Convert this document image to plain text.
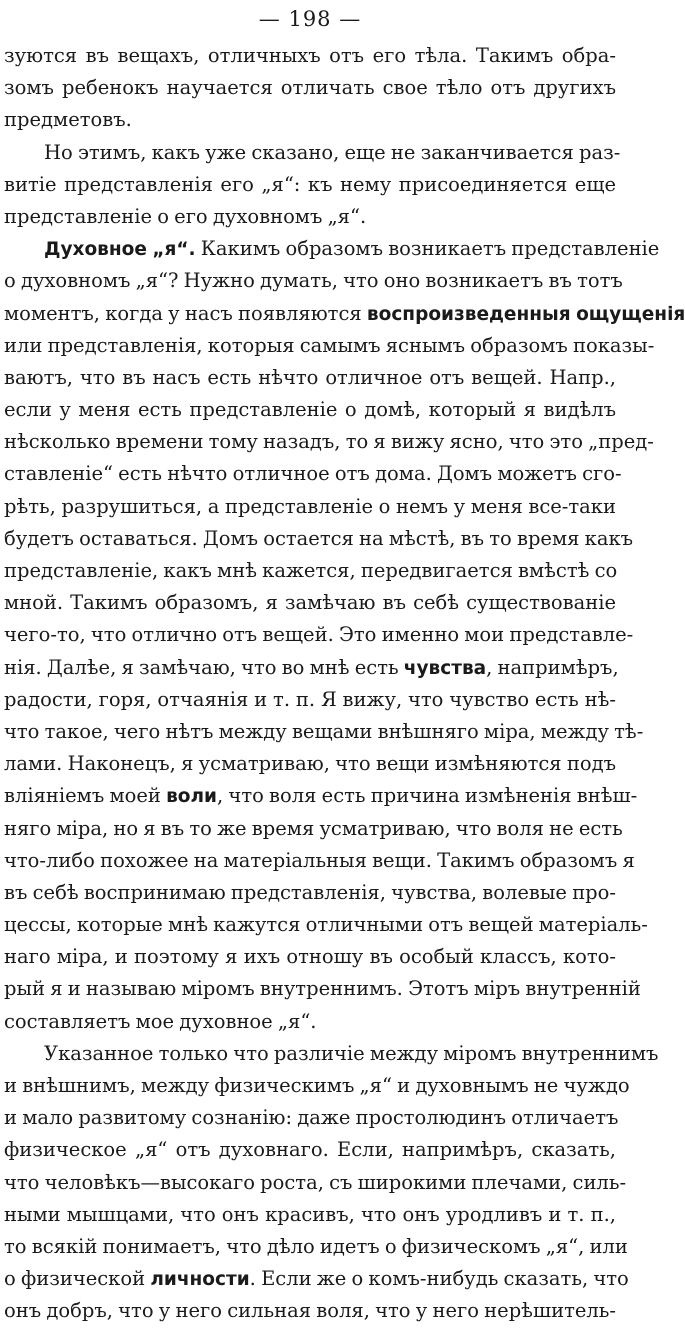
— 198 —
зуются въ вещахъ, отличныхъ отъ его тѣла. Такимъ обра-
зомъ ребенокъ научается отличать свое тѣло отъ другихъ
предметовъ.
Но этимъ, какъ уже сказано, еще не заканчивается раз-
витіе представленія его „я“: къ нему присоединяется еще
представленіе о его духовномъ „я“.
Духовное „я“. Какимъ образомъ возникаетъ представленіе
о духовномъ „я“? Нужно думать, что оно возникаетъ въ тотъ
моментъ, когда у насъ появляются воспроизведенныя ощущенія
или представленія, которыя самымъ яснымъ образомъ показы-
ваютъ, что въ насъ есть нѣчто отличное отъ вещей. Напр.,
если у меня есть представленіе о домѣ, который я видѣлъ
нѣсколько времени тому назадъ, то я вижу ясно, что это „пред-
ставленіе“ есть нѣчто отличное отъ дома. Домъ можетъ сго-
рѣть, разрушиться, а представленіе о немъ у меня все-таки
будетъ оставаться. Домъ остается на мѣстѣ, въ то время какъ
представленіе, какъ мнѣ кажется, передвигается вмѣстѣ со
мной. Такимъ образомъ, я замѣчаю въ себѣ существованіе
чего-то, что отлично отъ вещей. Это именно мои представле-
нія. Далѣе, я замѣчаю, что во мнѣ есть чувства, напримѣръ,
радости, горя, отчаянія и т. п. Я вижу, что чувство есть нѣ-
что такое, чего нѣтъ между вещами внѣшняго міра, между тѣ-
лами. Наконецъ, я усматриваю, что вещи измѣняются подъ
вліяніемъ моей воли, что воля есть причина измѣненія внѣш-
няго міра, но я въ то же время усматриваю, что воля не есть
что-либо похожее на матеріальныя вещи. Такимъ образомъ я
въ себѣ воспринимаю представленія, чувства, волевые про-
цессы, которые мнѣ кажутся отличными отъ вещей матеріаль-
наго міра, и поэтому я ихъ отношу въ особый классъ, кото-
рый я и называю міромъ внутреннимъ. Этотъ міръ внутренній
составляетъ мое духовное „я“.
Указанное только что различіе между міромъ внутреннимъ
и внѣшнимъ, между физическимъ „я“ и духовнымъ не чуждо
и мало развитому сознанію: даже простолюдинъ отличаетъ
физическое „я“ отъ духовнаго. Если, напримѣръ, сказать,
что человѣкъ—высокаго роста, съ широкими плечами, силь-
ными мышцами, что онъ красивъ, что онъ уродливъ и т. п.,
то всякій понимаетъ, что дѣло идетъ о физическомъ „я“, или
о физической личности. Если же о комъ-нибудь сказать, что
онъ добръ, что у него сильная воля, что у него нерѣшитель-
